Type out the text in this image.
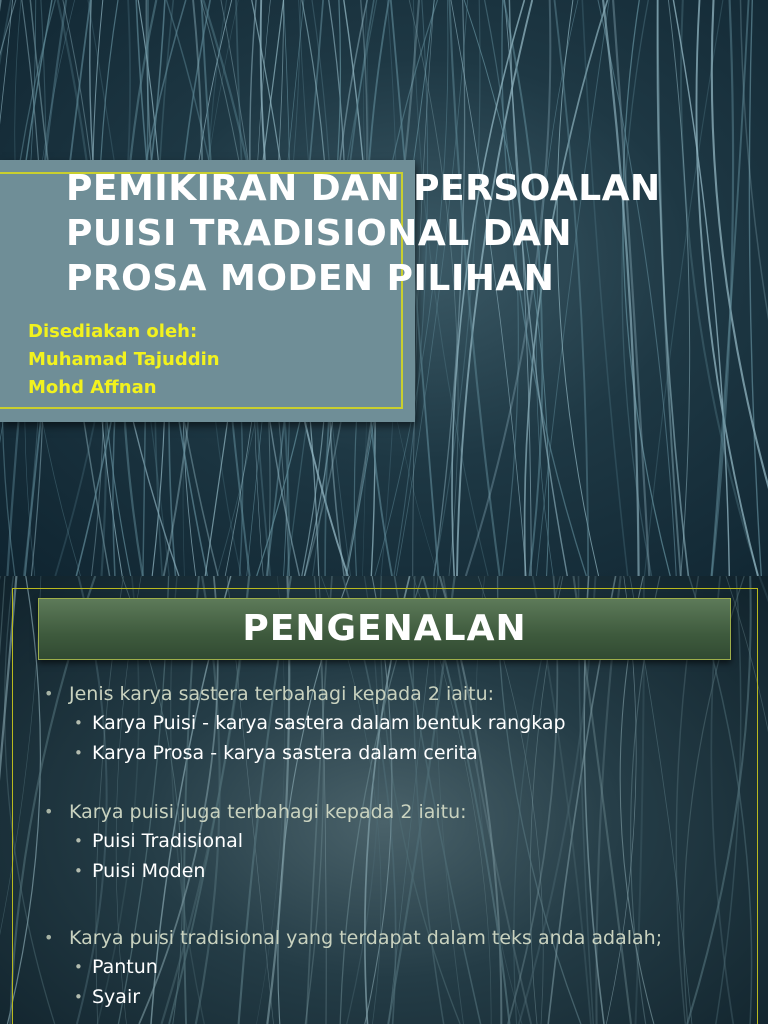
PEMIKIRAN DAN PERSOALAN PUISI TRADISIONAL DAN PROSA MODEN PILIHAN
Disediakan oleh:
Muhamad Tajuddin
Mohd Affnan
PENGENALAN
• Jenis karya sastera terbahagi kepada 2 iaitu:
• Karya Puisi - karya sastera dalam bentuk rangkap
• Karya Prosa - karya sastera dalam cerita
• Karya puisi juga terbahagi kepada 2 iaitu:
• Puisi Tradisional
• Puisi Moden
• Karya puisi tradisional yang terdapat dalam teks anda adalah;
• Pantun
• Syair
